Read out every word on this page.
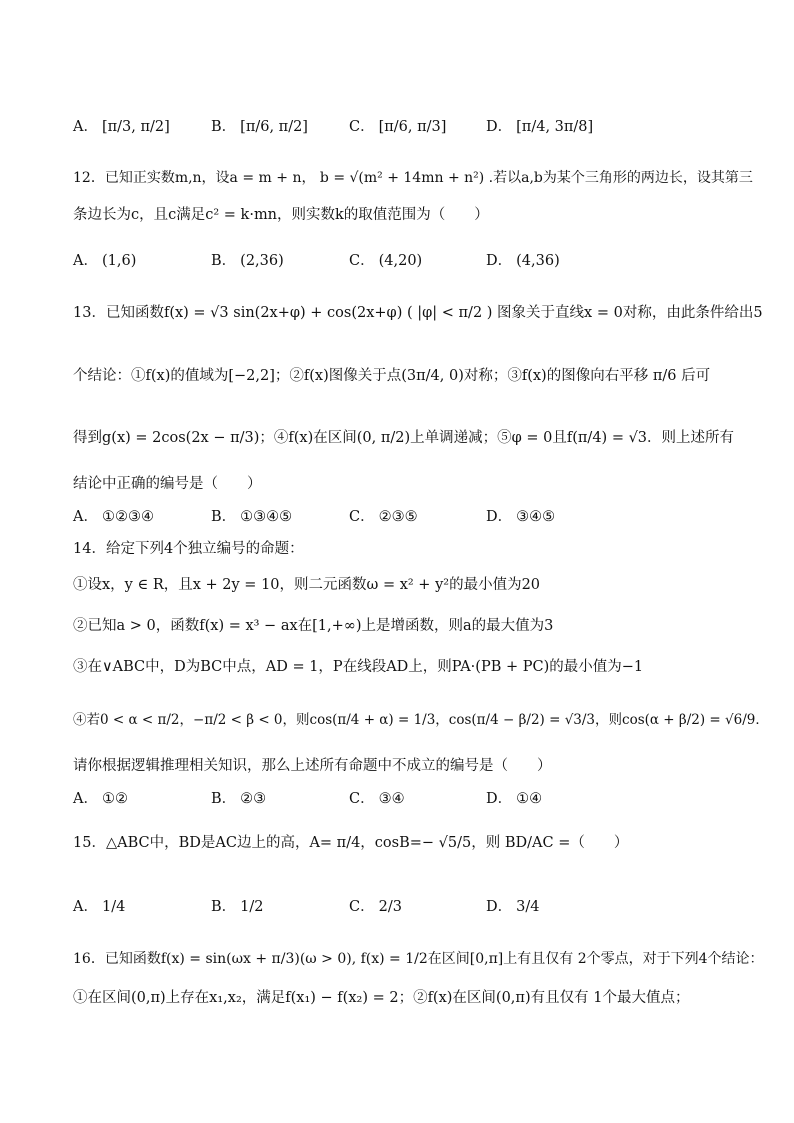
A． [π/3, π/2]	B． [π/6, π/2]	C． [π/6, π/3]	D． [π/4, 3π/8]
12．已知正实数m,n，设a = m + n， b = √(m² + 14mn + n²) .若以a,b为某个三角形的两边长，设其第三
条边长为c，且c满足c² = k·mn，则实数k的取值范围为（　　）
A． (1,6)	B． (2,36)	C． (4,20)	D． (4,36)
13．已知函数f(x) = √3 sin(2x+φ) + cos(2x+φ) ( |φ| < π/2 ) 图象关于直线x = 0对称，由此条件给出5
个结论：①f(x)的值域为[−2,2]；②f(x)图像关于点(3π/4, 0)对称；③f(x)的图像向右平移 π/6 后可
得到g(x) = 2cos(2x − π/3)；④f(x)在区间(0, π/2)上单调递减；⑤φ = 0且f(π/4) = √3．则上述所有
结论中正确的编号是（　　）
A． ①②③④	B． ①③④⑤	C． ②③⑤	D． ③④⑤
14．给定下列4个独立编号的命题：
①设x，y ∈ R，且x + 2y = 10，则二元函数ω = x² + y²的最小值为20
②已知a > 0，函数f(x) = x³ − ax在[1,+∞)上是增函数，则a的最大值为3
③在∨ABC中，D为BC中点，AD = 1，P在线段AD上，则PA·(PB + PC)的最小值为−1
④若0 < α < π/2，−π/2 < β < 0，则cos(π/4 + α) = 1/3，cos(π/4 − β/2) = √3/3，则cos(α + β/2) = √6/9．
请你根据逻辑推理相关知识，那么上述所有命题中不成立的编号是（　　）
A． ①②	B． ②③	C． ③④	D． ①④
15．△ABC中，BD是AC边上的高，A= π/4，cosB=− √5/5，则 BD/AC =（　　）
A． 1/4	B． 1/2	C． 2/3	D． 3/4
16．已知函数f(x) = sin(ωx + π/3)(ω > 0), f(x) = 1/2在区间[0,π]上有且仅有 2个零点，对于下列4个结论：
①在区间(0,π)上存在x₁,x₂，满足f(x₁) − f(x₂) = 2；②f(x)在区间(0,π)有且仅有 1个最大值点；
